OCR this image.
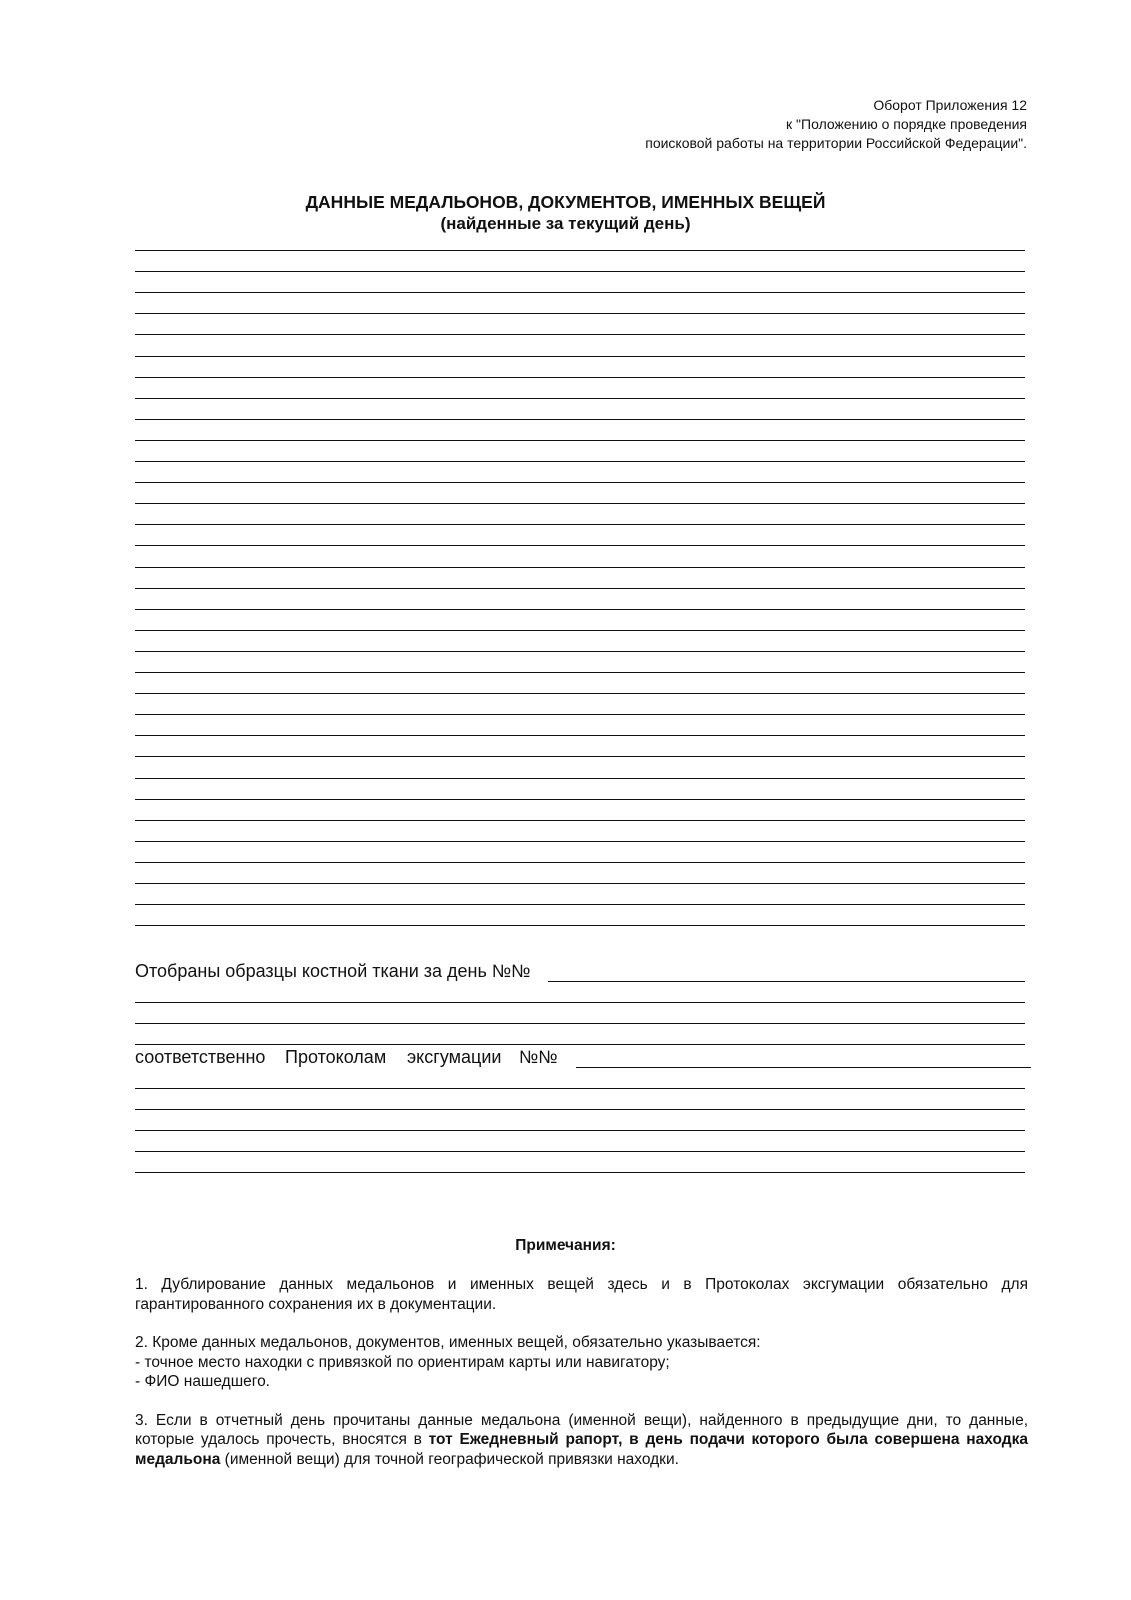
Оборот Приложения 12
к "Положению о порядке проведения
поисковой работы на территории Российской Федерации".
ДАННЫЕ МЕДАЛЬОНОВ, ДОКУМЕНТОВ, ИМЕННЫХ ВЕЩЕЙ
(найденные за текущий день)
Отобраны образцы костной ткани за день №№
соответственно Протоколам эксгумации №№
Примечания:

1. Дублирование данных медальонов и именных вещей здесь и в Протоколах эксгумации обязательно для гарантированного сохранения их в документации.

2. Кроме данных медальонов, документов, именных вещей, обязательно указывается:
- точное место находки с привязкой по ориентирам карты или навигатору;
- ФИО нашедшего.

3. Если в отчетный день прочитаны данные медальона (именной вещи), найденного в предыдущие дни, то данные, которые удалось прочесть, вносятся в тот Ежедневный рапорт, в день подачи которого была совершена находка медальона (именной вещи) для точной географической привязки находки.
